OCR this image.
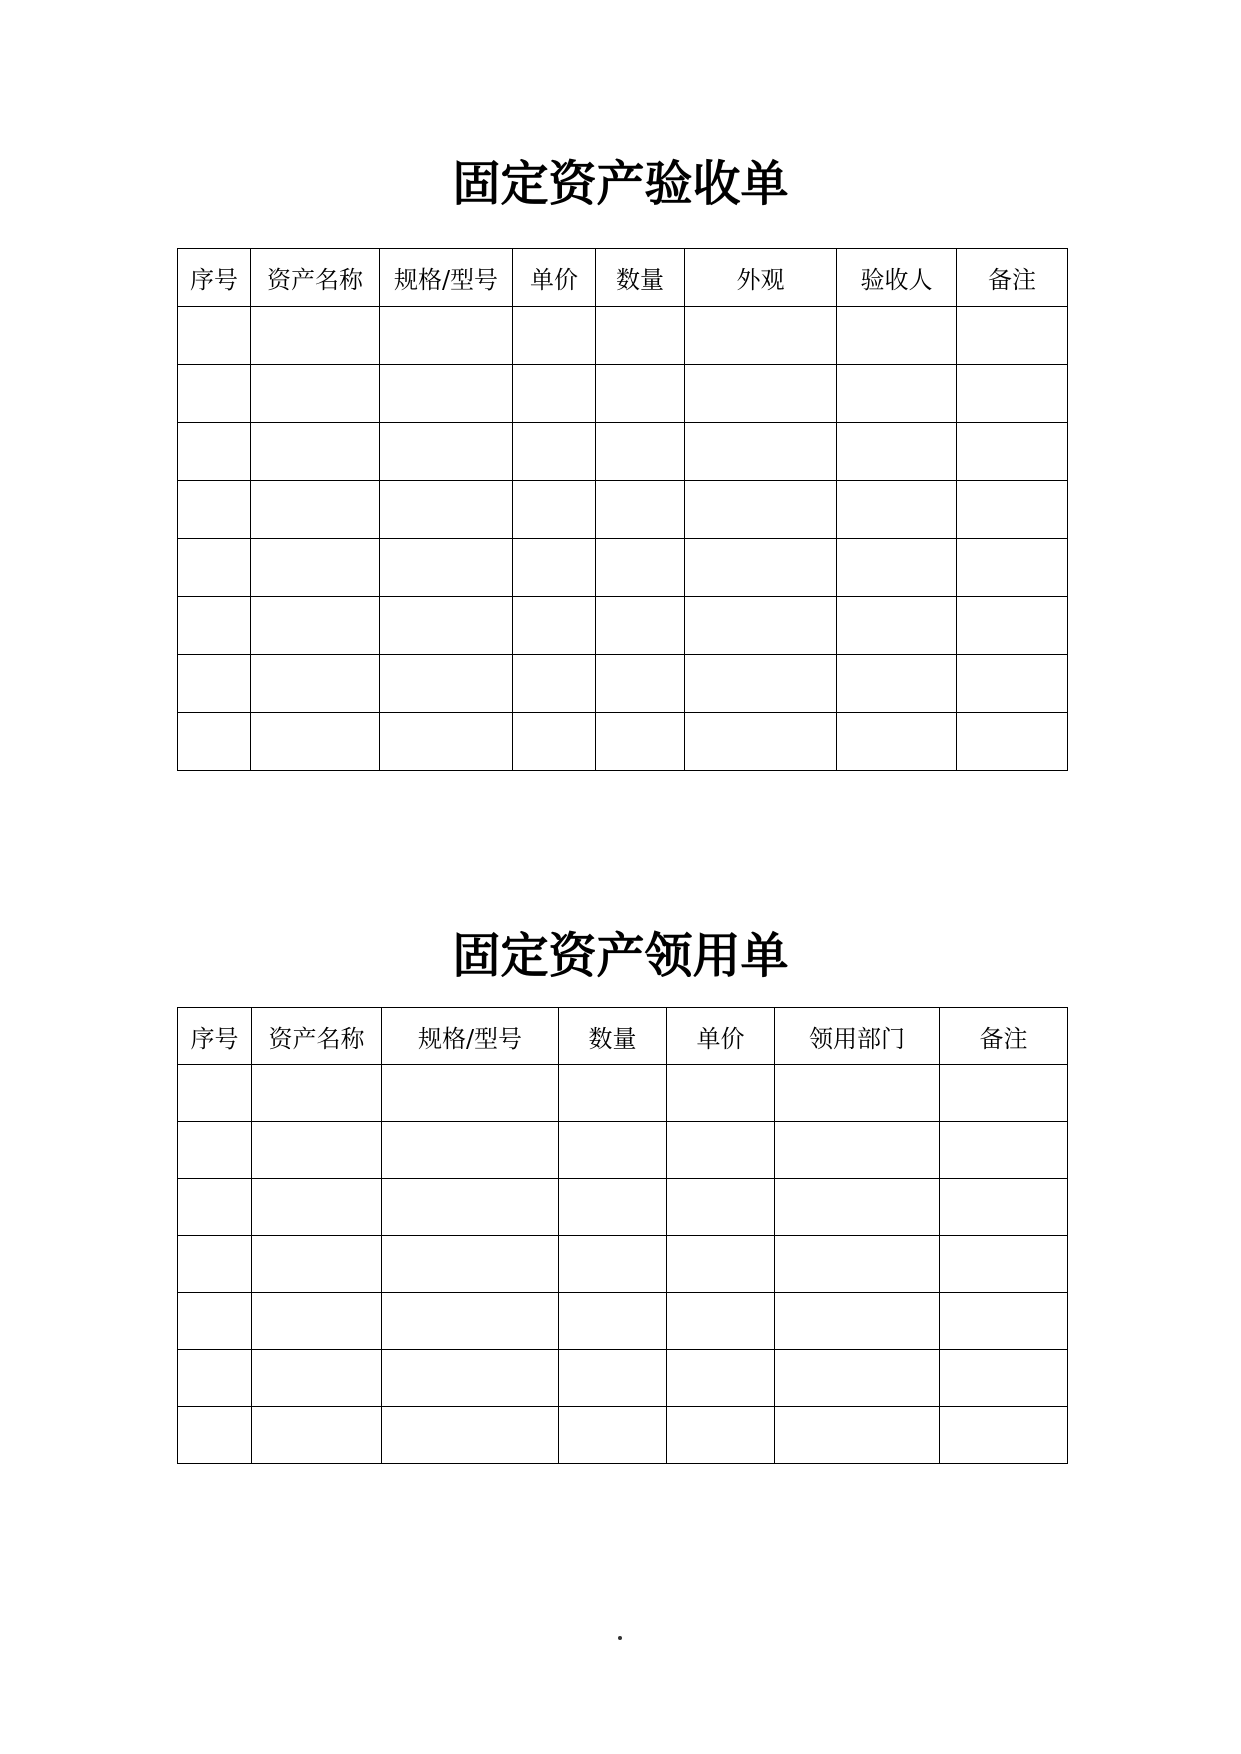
固定资产验收单
序号	资产名称	规格/型号	单价	数量	外观	验收人	备注

固定资产领用单
序号	资产名称	规格/型号	数量	单价	领用部门	备注
